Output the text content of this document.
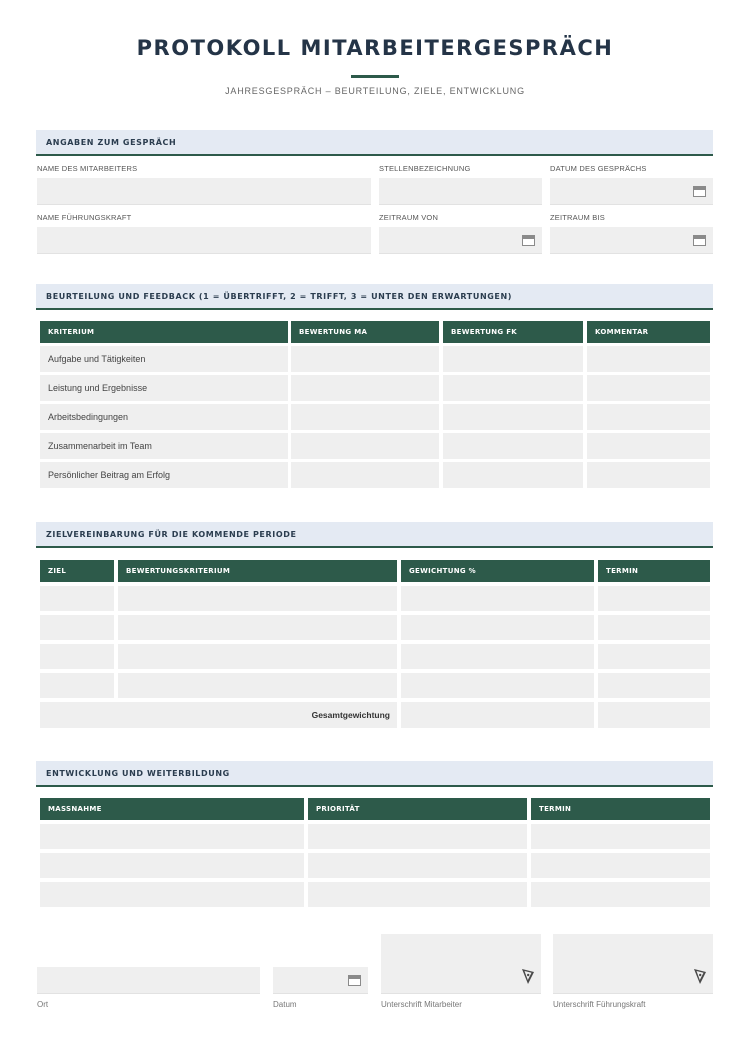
PROTOKOLL MITARBEITERGESPRÄCH
JAHRESGESPRÄCH – BEURTEILUNG, ZIELE, ENTWICKLUNG
ANGABEN ZUM GESPRÄCH
NAME DES MITARBEITERS	STELLENBEZEICHNUNG	DATUM DES GESPRÄCHS
NAME FÜHRUNGSKRAFT	ZEITRAUM VON	ZEITRAUM BIS
BEURTEILUNG UND FEEDBACK (1 = ÜBERTRIFFT, 2 = TRIFFT, 3 = UNTER DEN ERWARTUNGEN)
KRITERIUM	BEWERTUNG MA	BEWERTUNG FK	KOMMENTAR
Aufgabe und Tätigkeiten
Leistung und Ergebnisse
Arbeitsbedingungen
Zusammenarbeit im Team
Persönlicher Beitrag am Erfolg
ZIELVEREINBARUNG FÜR DIE KOMMENDE PERIODE
ZIEL	BEWERTUNGSKRITERIUM	GEWICHTUNG %	TERMIN
Gesamtgewichtung
ENTWICKLUNG UND WEITERBILDUNG
MASSNAHME	PRIORITÄT	TERMIN
Ort	Datum	Unterschrift Mitarbeiter	Unterschrift Führungskraft
